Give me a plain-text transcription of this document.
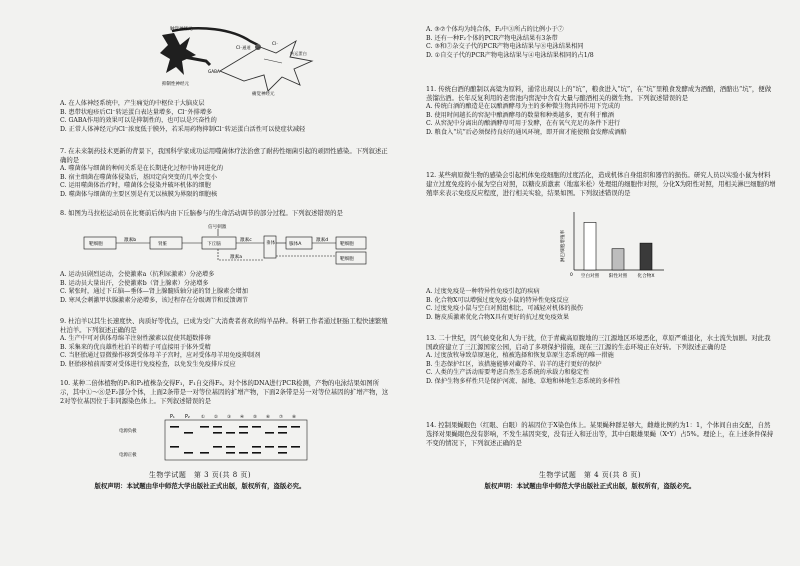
触觉神经元
抑制性神经元
GABA
Cl⁻通道
Cl⁻
转运蛋白
痛觉神经元

A. 在人体神经系统中，产生痛觉的中枢位于大脑皮层

B. 患带状疱疹后Cl⁻转运蛋白表达量增多，Cl⁻外排增多

C. GABA作用的效果可以是抑制性的，也可以是兴奋性的

D. 正常人体神经元内Cl⁻浓度低于膜外，若采用药物抑制Cl⁻转运蛋白活性可以使症状减轻

7. 在未来制药技术更新的背景下，我国科学家成功运用噬菌体疗法治愈了耐药性细菌引起的顽固性感染。下列叙述正确的是

A. 噬菌体与细菌的种间关系是在长期进化过程中协同进化的

B. 宿主细菌在噬菌体侵染后，基因定向突变的几率会变小

C. 运用噬菌体治疗时，噬菌体会侵染并破坏机体的细胞

D. 噬菌体与细菌的主要区别是有无以核膜为界限的细胞核

8. 如图为马拉松运动员在比赛前后体内由下丘脑参与的生命活动调节的部分过程。下列叙述错误的是

信号刺激
靶细胞
激素b
肾脏	下丘脑
激素c
垂体	腺体A
激素d
靶细胞
激素a	靶细胞

A. 运动员剧烈运动，会使激素a（抗利尿激素）分泌增多

B. 运动员大量出汗，会使激素b（肾上腺素）分泌增多

C. 紧张时，通过下丘脑—垂体—肾上腺髓质轴分泌的肾上腺素会增加

D. 寒风会刺激甲状腺激素分泌增多，该过程存在分级调节和反馈调节

9. 杜泊羊以其生长速度快、肉质好等优点，已成为受广大消费者喜欢的绵羊品种。科研工作者通过胚胎工程快速繁殖杜泊羊。下列叙述正确的是

A. 生产中可对供体母绵羊注射性激素以促使其超数排卵

B. 采集来的优良雄性杜泊羊的精子可直接用于体外受精

C. 当胚胎通过显微操作移到受体母羊子宫时，应对受体母羊用免疫抑制剂

D. 胚胎移植前需要对受体进行免疫检查，以免发生免疫排斥反应

10. 某种二倍体植物的P₁和P₂植株杂交得F₁，F₁自交得F₂。对个体的DNA进行PCR检测，产物的电泳结果如图所示，其中①～⑧是F₂部分个体，上面2条带是一对等位基因的扩增产物，下面2条带是另一对等位基因的扩增产物，这2对等位基因位于非同源染色体上。下列叙述错误的是

P₁ P₂	① ② ③ ④ ⑤ ⑥ ⑦ ⑧
电源负极
电源正极
生物学试题　第 3 页(共 8 页)
版权声明：本试题由华中师范大学出版社正式出版，版权所有，盗版必究。

A. ③⑦个体均为纯合体，F₂中③所占的比例小于⑦

B. 还有一种F₂个体的PCR产物电泳结果有3条带

C. ③和⑦杂交子代的PCR产物电泳结果与⑧电泳结果相同

D. ①自交子代的PCR产物电泳结果与④电泳结果相同的占1/8

11. 传统白酒的酿制以高粱为原料，通常出现以上的“坑”，粮食进入“坑”，在“坑”里粮食发酵成为酒醅，酒醅出“坑”，便做蒸馏出酒。长年反复利用的老窖池内窖泥中含有大量与酿酒相关的微生物。下列叙述错误的是

A. 传统白酒的酿造是在以酿酒酵母为主的多种微生物共同作用下完成的

B. 使用时间越长的窖泥中酿酒酵母的数量和种类越多，更有利于酿酒

C. 从窖泥中分离出的酿酒酵母可用于发酵，在有氧气充足的条件下进行

D. 粮食入“坑”后必须保持良好的通风环境，即开窗才能使粮食发酵成酒醅

12. 某些病原微生物的感染会引起机体免疫细胞的过度活化，造成机体自身组织和器官的损伤。研究人员以实验小鼠为材料建立过度免疫的小鼠为空白对照，以糖皮质激素（地塞米松）处理组的细胞作对照，分化X为阳性对照，用相关淋巴细胞的增殖率来表示免疫反应程度，进行相关实验，结果如图。下列叙述错误的是

淋巴细胞增殖率
空白对照 阳性对照 化合物X
0

A. 过度免疫是一种特异性免疫引起的疾病

B. 化合物X可以增强过度免疫小鼠的特异性免疫反应

C. 过度免疫小鼠与空白对照组相比，可减轻对机体的损伤

D. 糖皮质激素优化合物X具有更好的抗过度免疫效果

13. 二十世纪，因气候变化和人为干扰，位于青藏高原腹地的三江源地区环境恶化，草原严重退化，水土流失加剧。对此我国政府建立了三江源国家公园，启动了多项保护措施，现在三江源的生态环境正在好转。下列叙述正确的是

A. 过度放牧导致草原退化，植被选择和恢复草原生态系统的唯一措施

B. 生态保护红区，该措施能够对藏羚羊、岩羊的进行更好的保护

C. 人类的生产活动需要考虑自然生态系统的承载力和稳定性

D. 保护生物多样性只是保护河流、湿地、草地和林地生态系统的多样性

14. 控制果蝇眼色（红眼、白眼）的基因位于X染色体上。某果蝇种群足够大，雌雄比例约为1：1，个体间自由交配，自然选择对果蝇眼色没有影响，不发生基因突变，没有迁入和迁出等，其中白眼雄果蝇（XᵃY）占5%。理论上，在上述条件保持不变的情况下，下列叙述正确的是

生物学试题　第 4 页(共 8 页)
版权声明：本试题由华中师范大学出版社正式出版，版权所有，盗版必究。
